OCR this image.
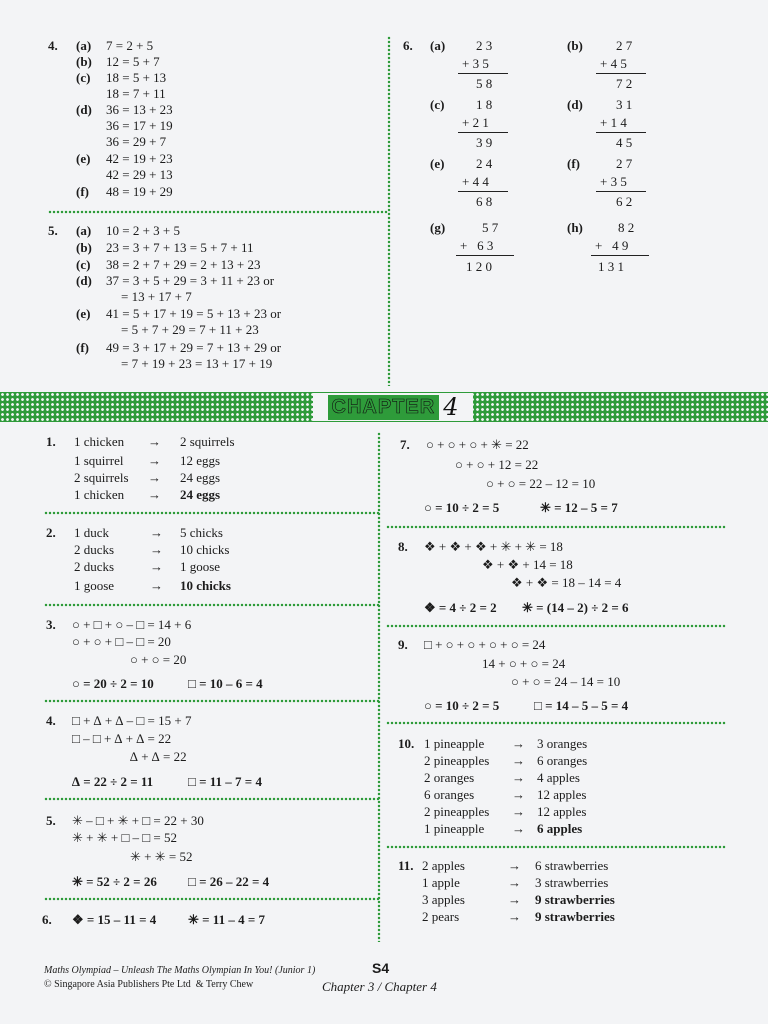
4. (a) 7 = 2 + 5
(b) 12 = 5 + 7
(c) 18 = 5 + 13
18 = 7 + 11
(d) 36 = 13 + 23
36 = 17 + 19
36 = 29 + 7
(e) 42 = 19 + 23
42 = 29 + 13
(f) 48 = 19 + 29
5. (a) 10 = 2 + 3 + 5
(b) 23 = 3 + 7 + 13 = 5 + 7 + 11
(c) 38 = 2 + 7 + 29 = 2 + 13 + 23
(d) 37 = 3 + 5 + 29 = 3 + 11 + 23 or
= 13 + 17 + 7
(e) 41 = 5 + 17 + 19 = 5 + 13 + 23 or
= 5 + 7 + 29 = 7 + 11 + 23
(f) 49 = 3 + 17 + 29 = 7 + 13 + 29 or
= 7 + 19 + 23 = 13 + 17 + 19
6. (a) 2 3
+ 3 5
5 8
(b)	2 7
+ 4 5
7 2
(c) 1 8
+ 2 1
3 9
(d)	3 1
+ 1 4
4 5
(e) 2 4
+ 4 4
6 8
(f)	2 7
+ 3 5
6 2
(g)	5 7
+   6 3
1 2 0
(h)	8 2
+   4 9
1 3 1
CHAPTER 4
1. 1 chicken → 2 squirrels
1 squirrel → 12 eggs
2 squirrels → 24 eggs
1 chicken → 24 eggs
2. 1 duck	→ 5 chicks
2 ducks	→ 10 chicks
2 ducks	→ 1 goose
1 goose	→ 10 chicks
3. ○ + □ + ○ – □ = 14 + 6
○ + ○ + □ – □ = 20
○ + ○ = 20
○ = 20 ÷ 2 = 10	□ = 10 – 6 = 4
4. □ + ∆ + ∆ – □ = 15 + 7
□ – □ + ∆ + ∆ = 22
∆ + ∆ = 22
∆ = 22 ÷ 2 = 11	□ = 11 – 7 = 4
5. ✳ – □ + ✳ + □ = 22 + 30
✳ + ✳ + □ – □ = 52
✳ + ✳ = 52
✳ = 52 ÷ 2 = 26 □ = 26 – 22 = 4
6. ❖ = 15 – 11 = 4 ✳ = 11 – 4 = 7
7. ○ + ○ + ○ + ✳ = 22
○ + ○ + 12 = 22
○ + ○ = 22 – 12 = 10
○ = 10 ÷ 2 = 5	✳ = 12 – 5 = 7
8. ❖ + ❖ + ❖ + ✳ + ✳ = 18
❖ + ❖ + 14 = 18
❖ + ❖ = 18 – 14 = 4
❖ = 4 ÷ 2 = 2 ✳ = (14 – 2) ÷ 2 = 6
9. □ + ○ + ○ + ○ + ○ = 24
14 + ○ + ○ = 24
○ + ○ = 24 – 14 = 10
○ = 10 ÷ 2 = 5	□ = 14 – 5 – 5 = 4
10. 1 pineapple → 3 oranges
2 pineapples → 6 oranges
2 oranges	→ 4 apples
6 oranges	→ 12 apples
2 pineapples → 12 apples
1 pineapple → 6 apples
11. 2 apples	→ 6 strawberries
1 apple	→ 3 strawberries
3 apples	→ 9 strawberries
2 pears	→ 9 strawberries
Maths Olympiad – Unleash The Maths Olympian In You! (Junior 1)
© Singapore Asia Publishers Pte Ltd  & Terry Chew
S4
Chapter 3 / Chapter 4
